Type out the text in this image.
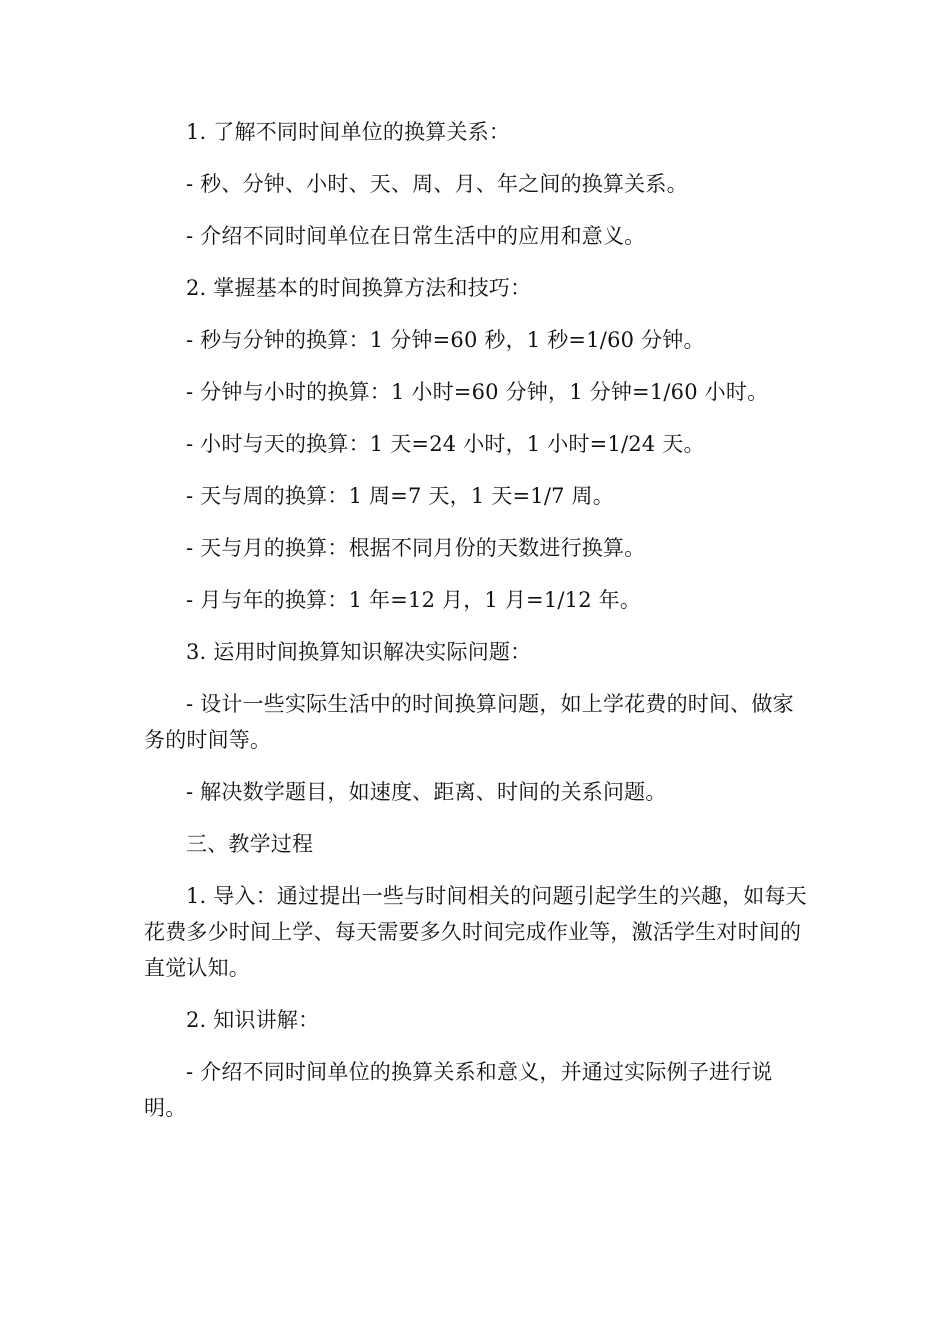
1. 了解不同时间单位的换算关系：

- 秒、分钟、小时、天、周、月、年之间的换算关系。

- 介绍不同时间单位在日常生活中的应用和意义。

2. 掌握基本的时间换算方法和技巧：

- 秒与分钟的换算：1 分钟=60 秒，1 秒=1/60 分钟。

- 分钟与小时的换算：1 小时=60 分钟，1 分钟=1/60 小时。

- 小时与天的换算：1 天=24 小时，1 小时=1/24 天。

- 天与周的换算：1 周=7 天，1 天=1/7 周。

- 天与月的换算：根据不同月份的天数进行换算。

- 月与年的换算：1 年=12 月，1 月=1/12 年。

3. 运用时间换算知识解决实际问题：

- 设计一些实际生活中的时间换算问题，如上学花费的时间、做家务的时间等。

- 解决数学题目，如速度、距离、时间的关系问题。

三、教学过程

1. 导入：通过提出一些与时间相关的问题引起学生的兴趣，如每天花费多少时间上学、每天需要多久时间完成作业等，激活学生对时间的直觉认知。

2. 知识讲解：

- 介绍不同时间单位的换算关系和意义，并通过实际例子进行说明。
